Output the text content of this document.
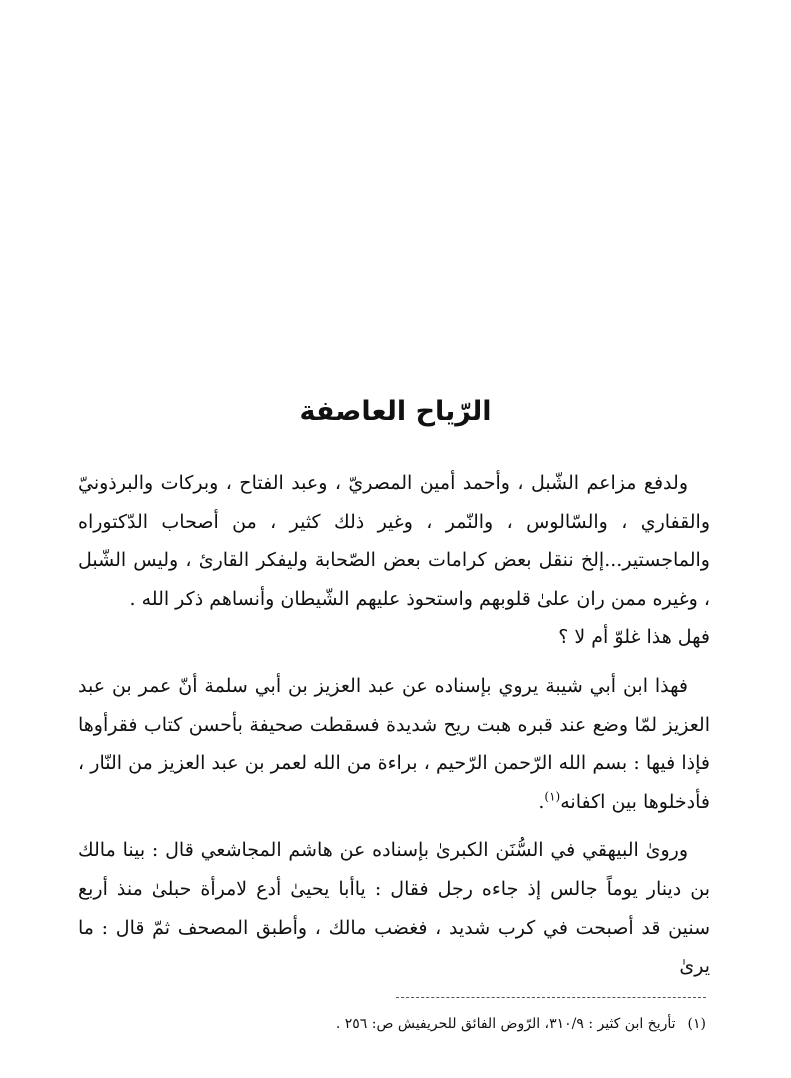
الرّياح العاصفة

ولدفع مزاعم الشّبل ، وأحمد أمين المصريّ ، وعبد الفتاح ، وبركات والبرذونيّ والقفاري ، والسّالوس ، والنّمر ، وغير ذلك كثير ، من أصحاب الدّكتوراه والماجستير...إلخ ننقل بعض كرامات بعض الصّحابة وليفكر القارئ ، وليس الشّبل ، وغيره ممن ران علىٰ قلوبهم واستحوذ عليهم الشّيطان وأنساهم ذكر الله .

فهل هذا غلوّ أم لا ؟

فهذا ابن أبي شيبة يروي بإسناده عن عبد العزيز بن أبي سلمة أنّ عمر بن عبد العزيز لمّا وضع عند قبره هبت ريح شديدة فسقطت صحيفة بأحسن كتاب فقرأوها فإذا فيها : بسم الله الرّحمن الرّحيم ، براءة من الله لعمر بن عبد العزيز من النّار ، فأدخلوها بين اكفانه$^{(١)}$.

وروىٰ البيهقي في السُّنَن الكبرىٰ بإسناده عن هاشم المجاشعي قال : بينا مالك بن دينار يوماً جالس إذ جاءه رجل فقال : ياأبا يحيىٰ أدع لامرأة حبلىٰ منذ أربع سنين قد أصبحت في كرب شديد ، فغضب مالك ، وأطبق المصحف ثمّ قال : ما يرىٰ

(١)تأريخ ابن كثير : ٣١٠/٩، الرّوض الفائق للحريفيش ص: ٢٥٦ .
